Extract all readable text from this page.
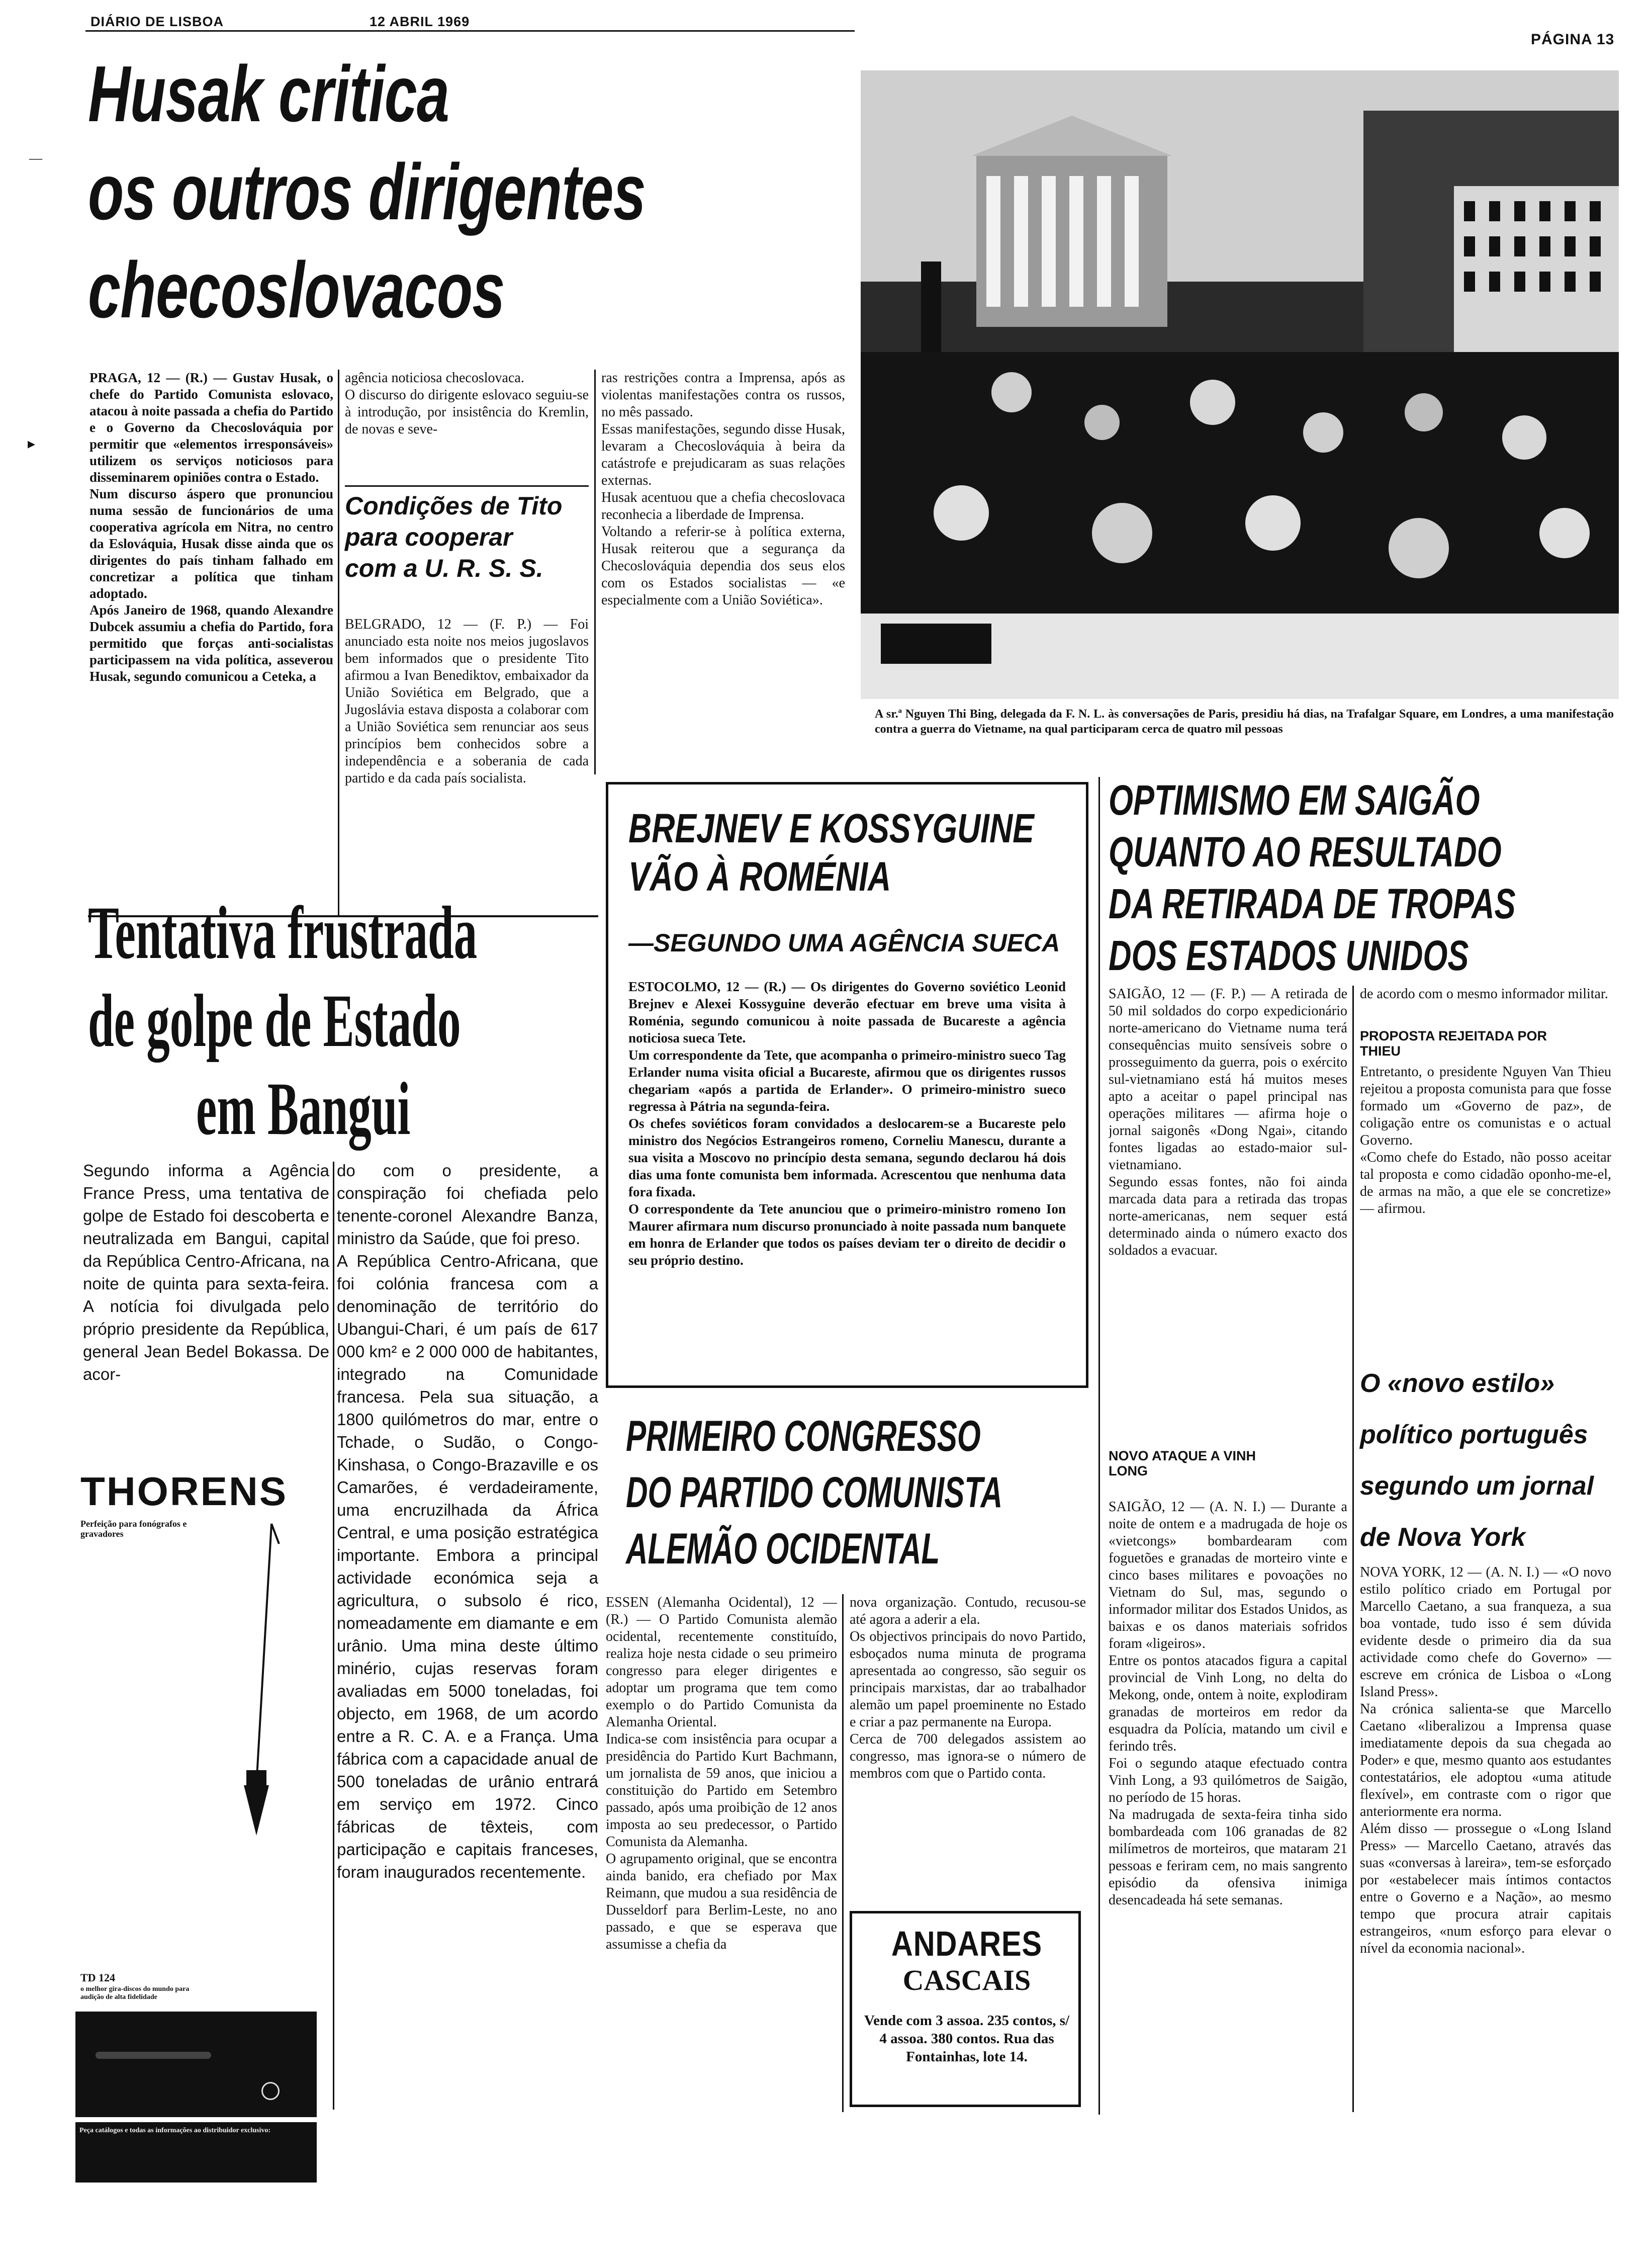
DIÁRIO DE LISBOA	12 ABRIL 1969
PÁGINA 13
—
▸
Husak critica
os outros dirigentes
checoslovacos

PRAGA, 12 — (R.) — Gustav Husak, o chefe do Partido Comunista eslovaco, atacou à noite passada a chefia do Partido e o Governo da Checoslováquia por permitir que «elementos irresponsáveis» utilizem os serviços noticiosos para disseminarem opiniões contra o Estado.
Num discurso áspero que pronunciou numa sessão de funcionários de uma cooperativa agrícola em Nitra, no centro da Eslováquia, Husak disse ainda que os dirigentes do país tinham falhado em concretizar a política que tinham adoptado.
Após Janeiro de 1968, quando Alexandre Dubcek assumiu a chefia do Partido, fora permitido que forças anti-socialistas participassem na vida política, asseverou Husak, segundo comunicou a Ceteka, a

agência noticiosa checoslovaca.
O discurso do dirigente eslovaco seguiu-se à introdução, por insistência do Kremlin, de novas e seve-

ras restrições contra a Imprensa, após as violentas manifestações contra os russos, no mês passado.
Essas manifestações, segundo disse Husak, levaram a Checoslováquia à beira da catástrofe e prejudicaram as suas relações externas.
Husak acentuou que a chefia checoslovaca reconhecia a liberdade de Imprensa.
Voltando a referir-se à política externa, Husak reiterou que a segurança da Checoslováquia dependia dos seus elos com os Estados socialistas — «e especialmente com a União Soviética».

Condições de Tito

para cooperar

com a U. R. S. S.

BELGRADO, 12 — (F. P.) — Foi anunciado esta noite nos meios jugoslavos bem informados que o presidente Tito afirmou a Ivan Benediktov, embaixador da União Soviética em Belgrado, que a Jugoslávia estava disposta a colaborar com a União Soviética sem renunciar aos seus princípios bem conhecidos sobre a independência e a soberania de cada partido e da cada país socialista.

A sr.ª Nguyen Thi Bing, delegada da F. N. L. às conversações de Paris, presidiu há dias, na Trafalgar Square, em Londres, a uma manifestação contra a guerra do Vietname, na qual participaram cerca de quatro mil pessoas

Tentativa frustrada
de golpe de Estado
em Bangui

Segundo informa a Agência France Press, uma tentativa de golpe de Estado foi descoberta e neutralizada em Bangui, capital da República Centro-Africana, na noite de quinta para sexta-feira. A notícia foi divulgada pelo próprio presidente da República, general Jean Bedel Bokassa. De acor-

do com o presidente, a conspiração foi chefiada pelo tenente-coronel Alexandre Banza, ministro da Saúde, que foi preso.
A República Centro-Africana, que foi colónia francesa com a denominação de território do Ubangui-Chari, é um país de 617 000 km² e 2 000 000 de habitantes, integrado na Comunidade francesa. Pela sua situação, a 1800 quilómetros do mar, entre o Tchade, o Sudão, o Congo-Kinshasa, o Congo-Brazaville e os Camarões, é verdadeiramente, uma encruzilhada da África Central, e uma posição estratégica importante. Embora a principal actividade económica seja a agricultura, o subsolo é rico, nomeadamente em diamante e em urânio. Uma mina deste último minério, cujas reservas foram avaliadas em 5000 toneladas, foi objecto, em 1968, de um acordo entre a R. C. A. e a França. Uma fábrica com a capacidade anual de 500 toneladas de urânio entrará em serviço em 1972. Cinco fábricas de têxteis, com participação e capitais franceses, foram inaugurados recentemente.

THORENS
Perfeição para fonógrafos e gravadores
TD 124
o melhor gira-discos do mundo para audição de alta fidelidade
Peça catálogos e todas as informações ao distribuidor exclusivo:

BREJNEV E KOSSYGUINE

VÃO À ROMÉNIA

—SEGUNDO UMA AGÊNCIA SUECA

ESTOCOLMO, 12 — (R.) — Os dirigentes do Governo soviético Leonid Brejnev e Alexei Kossyguine deverão efectuar em breve uma visita à Roménia, segundo comunicou à noite passada de Bucareste a agência noticiosa sueca Tete.
Um correspondente da Tete, que acompanha o primeiro-ministro sueco Tag Erlander numa visita oficial a Bucareste, afirmou que os dirigentes russos chegariam «após a partida de Erlander». O primeiro-ministro sueco regressa à Pátria na segunda-feira.
Os chefes soviéticos foram convidados a deslocarem-se a Bucareste pelo ministro dos Negócios Estrangeiros romeno, Corneliu Manescu, durante a sua visita a Moscovo no princípio desta semana, segundo declarou há dois dias uma fonte comunista bem informada. Acrescentou que nenhuma data fora fixada.
O correspondente da Tete anunciou que o primeiro-ministro romeno Ion Maurer afirmara num discurso pronunciado à noite passada num banquete em honra de Erlander que todos os países deviam ter o direito de decidir o seu próprio destino.

PRIMEIRO CONGRESSO

DO PARTIDO COMUNISTA

ALEMÃO OCIDENTAL

ESSEN (Alemanha Ocidental), 12 — (R.) — O Partido Comunista alemão ocidental, recentemente constituído, realiza hoje nesta cidade o seu primeiro congresso para eleger dirigentes e adoptar um programa que tem como exemplo o do Partido Comunista da Alemanha Oriental.
Indica-se com insistência para ocupar a presidência do Partido Kurt Bachmann, um jornalista de 59 anos, que iniciou a constituição do Partido em Setembro passado, após uma proibição de 12 anos imposta ao seu predecessor, o Partido Comunista da Alemanha.
O agrupamento original, que se encontra ainda banido, era chefiado por Max Reimann, que mudou a sua residência de Dusseldorf para Berlim-Leste, no ano passado, e que se esperava que assumisse a chefia da

nova organização. Contudo, recusou-se até agora a aderir a ela.
Os objectivos principais do novo Partido, esboçados numa minuta de programa apresentada ao congresso, são seguir os principais marxistas, dar ao trabalhador alemão um papel proeminente no Estado e criar a paz permanente na Europa.
Cerca de 700 delegados assistem ao congresso, mas ignora-se o número de membros com que o Partido conta.

ANDARES
CASCAIS
Vende com 3 assoa. 235 contos, s/ 4 assoa. 380 contos. Rua das Fontainhas, lote 14.

OPTIMISMO EM SAIGÃO

QUANTO AO RESULTADO

DA RETIRADA DE TROPAS

DOS ESTADOS UNIDOS

SAIGÃO, 12 — (F. P.) — A retirada de 50 mil soldados do corpo expedicionário norte-americano do Vietname numa terá consequências muito sensíveis sobre o prosseguimento da guerra, pois o exército sul-vietnamiano está há muitos meses apto a aceitar o papel principal nas operações militares — afirma hoje o jornal saigonês «Dong Ngai», citando fontes ligadas ao estado-maior sul-vietnamiano.
Segundo essas fontes, não foi ainda marcada data para a retirada das tropas norte-americanas, nem sequer está determinado ainda o número exacto dos soldados a evacuar.

NOVO ATAQUE A VINH LONG

SAIGÃO, 12 — (A. N. I.) — Durante a noite de ontem e a madrugada de hoje os «vietcongs» bombardearam com foguetões e granadas de morteiro vinte e cinco bases militares e povoações no Vietnam do Sul, mas, segundo o informador militar dos Estados Unidos, as baixas e os danos materiais sofridos foram «ligeiros».
Entre os pontos atacados figura a capital provincial de Vinh Long, no delta do Mekong, onde, ontem à noite, explodiram granadas de morteiros em redor da esquadra da Polícia, matando um civil e ferindo três.
Foi o segundo ataque efectuado contra Vinh Long, a 93 quilómetros de Saigão, no período de 15 horas.
Na madrugada de sexta-feira tinha sido bombardeada com 106 granadas de 82 milímetros de morteiros, que mataram 21 pessoas e feriram cem, no mais sangrento episódio da ofensiva inimiga desencadeada há sete semanas.

de acordo com o mesmo informador militar.

PROPOSTA REJEITADA POR THIEU

Entretanto, o presidente Nguyen Van Thieu rejeitou a proposta comunista para que fosse formado um «Governo de paz», de coligação entre os comunistas e o actual Governo.
«Como chefe do Estado, não posso aceitar tal proposta e como cidadão oponho-me-el, de armas na mão, a que ele se concretize» — afirmou.

O «novo estilo»

político português

segundo um jornal

de Nova York

NOVA YORK, 12 — (A. N. I.) — «O novo estilo político criado em Portugal por Marcello Caetano, a sua franqueza, a sua boa vontade, tudo isso é sem dúvida evidente desde o primeiro dia da sua actividade como chefe do Governo» — escreve em crónica de Lisboa o «Long Island Press».
Na crónica salienta-se que Marcello Caetano «liberalizou a Imprensa quase imediatamente depois da sua chegada ao Poder» e que, mesmo quanto aos estudantes contestatários, ele adoptou «uma atitude flexível», em contraste com o rigor que anteriormente era norma.
Além disso — prossegue o «Long Island Press» — Marcello Caetano, através das suas «conversas à lareira», tem-se esforçado por «estabelecer mais íntimos contactos entre o Governo e a Nação», ao mesmo tempo que procura atrair capitais estrangeiros, «num esforço para elevar o nível da economia nacional».
